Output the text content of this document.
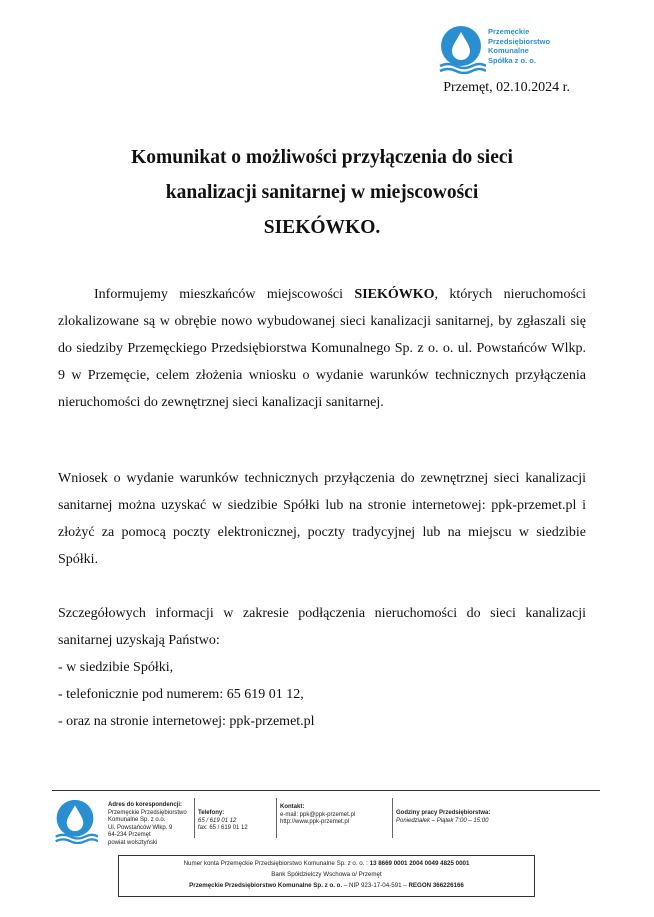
Przemęckie
Przedsiębiorstwo
Komunalne
Spółka z o. o.
Przemęt, 02.10.2024 r.
Komunikat o możliwości przyłączenia do sieci
kanalizacji sanitarnej w miejscowości
SIEKÓWKO.
Informujemy mieszkańców miejscowości SIEKÓWKO, których nieruchomości zlokalizowane są w obrębie nowo wybudowanej sieci kanalizacji sanitarnej, by zgłaszali się do siedziby Przemęckiego Przedsiębiorstwa Komunalnego Sp. z o. o. ul. Powstańców Wlkp. 9 w Przemęcie, celem złożenia wniosku o wydanie warunków technicznych przyłączenia nieruchomości do zewnętrznej sieci kanalizacji sanitarnej.
Wniosek o wydanie warunków technicznych przyłączenia do zewnętrznej sieci kanalizacji sanitarnej można uzyskać w siedzibie Spółki lub na stronie internetowej: ppk-przemet.pl i złożyć za pomocą poczty elektronicznej, poczty tradycyjnej lub na miejscu w siedzibie Spółki.
Szczegółowych informacji w zakresie podłączenia nieruchomości do sieci kanalizacji sanitarnej uzyskają Państwo:
- w siedzibie Spółki,
- telefonicznie pod numerem: 65 619 01 12,
- oraz na stronie internetowej: ppk-przemet.pl
Adres do korespondencji:
Przemęckie Przedsiębiorstwo
Komunalne Sp. z o.o.
Ul. Powstańców Wlkp. 9
64-234 Przemęt
powiat wolsztyński
Telefony:
65 / 619 01 12
fax: 65 / 619 01 12
Kontakt:
e-mail: ppk@ppk-przemet.pl
http://www.ppk-przemet.pl
Godziny pracy Przedsiębiorstwa:
Poniedziałek – Piątek 7:00 – 15:00
Numer konta Przemęckie Przedsiębiorstwo Komunalne Sp. z o. o. : 13 8669 0001 2004 0049 4825 0001
Bank Spółdzielczy Wschowa o/ Przemęt
Przemęckie Przedsiębiorstwo Komunalne Sp. z o. o. – NIP 923-17-04-591 – REGON 366226166
